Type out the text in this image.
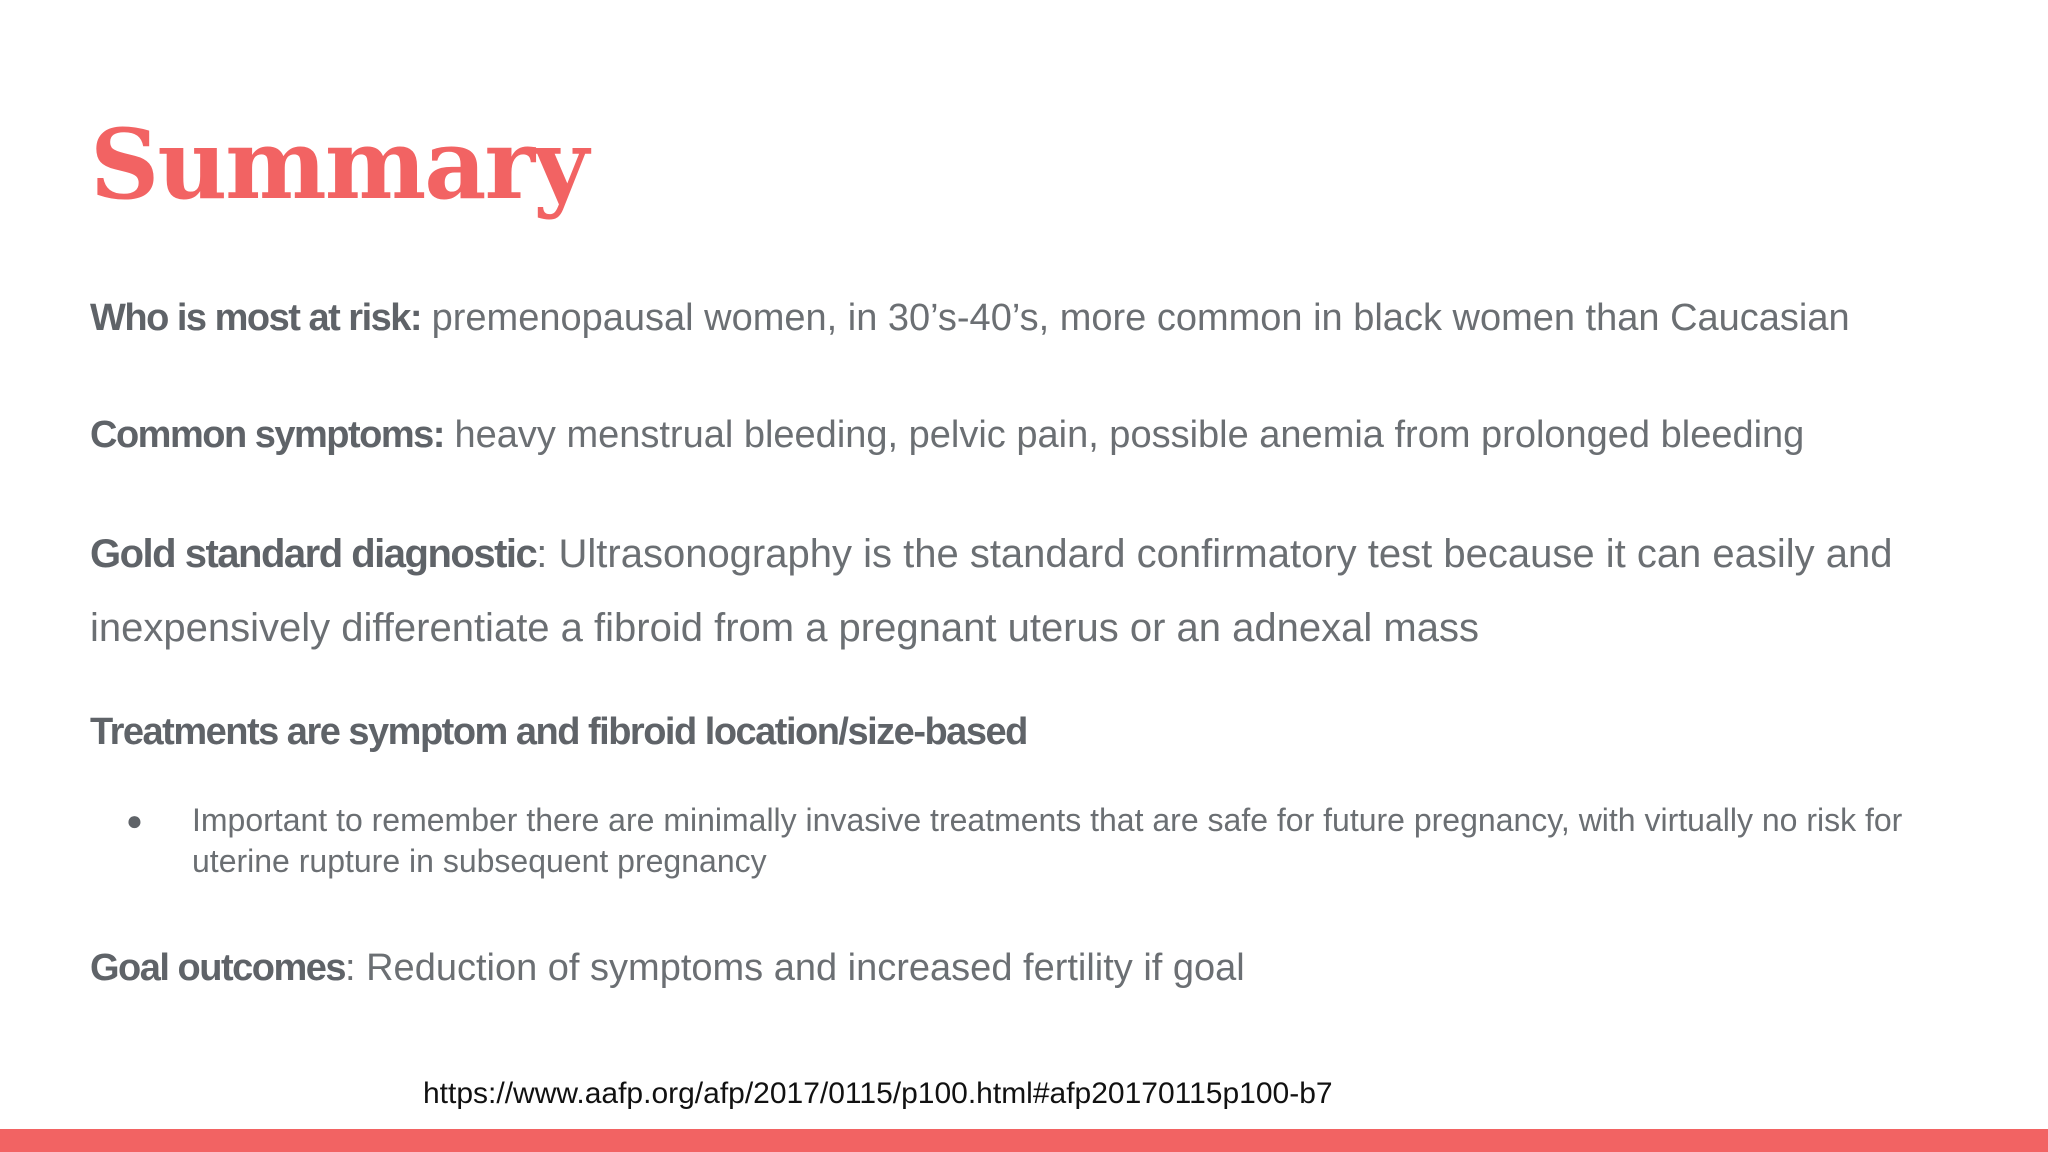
Summary

Who is most at risk: premenopausal women, in 30’s-40’s, more common in black women than Caucasian

Common symptoms: heavy menstrual bleeding, pelvic pain, possible anemia from prolonged bleeding

Gold standard diagnostic: Ultrasonography is the standard confirmatory test because it can easily and

inexpensively differentiate a fibroid from a pregnant uterus or an adnexal mass

Treatments are symptom and fibroid location/size-based

● Important to remember there are minimally invasive treatments that are safe for future pregnancy, with virtually no risk for uterine rupture in subsequent pregnancy

Goal outcomes: Reduction of symptoms and increased fertility if goal

https://www.aafp.org/afp/2017/0115/p100.html#afp20170115p100-b7
